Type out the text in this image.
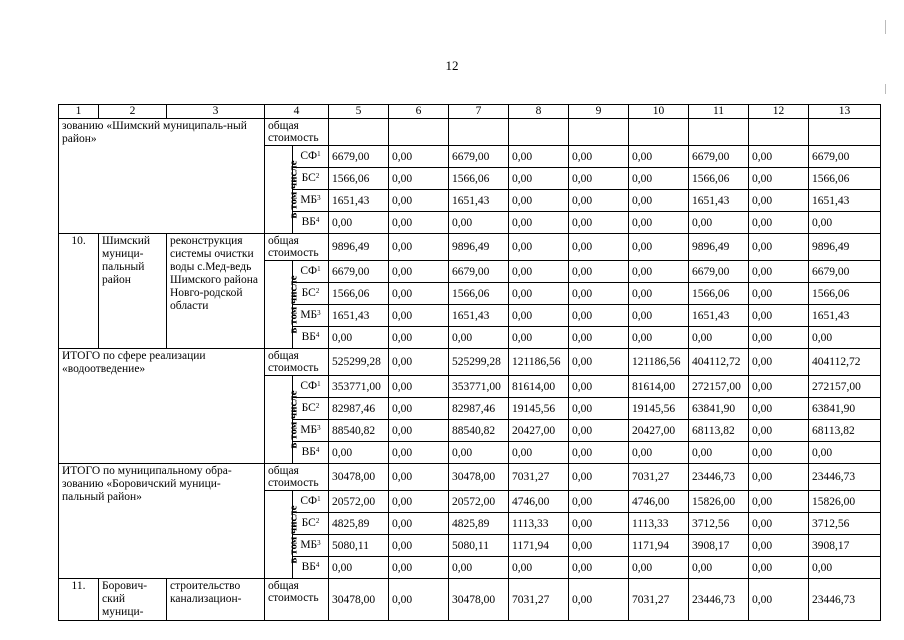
12
1	2	3	4		5	6	7	8	9	10	11	12	13
зованию «Шимский муниципаль-ный район»			общая стоимость										
			в том числе	$СФ^1$	6679,00	0,00	6679,00	0,00	0,00	0,00	6679,00	0,00	6679,00
				$БС^2$	1566,06	0,00	1566,06	0,00	0,00	0,00	1566,06	0,00	1566,06
				$МБ^3$	1651,43	0,00	1651,43	0,00	0,00	0,00	1651,43	0,00	1651,43
				$ВБ^4$	0,00	0,00	0,00	0,00	0,00	0,00	0,00	0,00	0,00
10.	Шимский муници-пальный район	реконструкция системы очистки воды с.Мед-ведь Шимского района Новго-родской области	общая стоимость		9896,49	0,00	9896,49	0,00	0,00	0,00	9896,49	0,00	9896,49
			в том числе	$СФ^1$	6679,00	0,00	6679,00	0,00	0,00	0,00	6679,00	0,00	6679,00
				$БС^2$	1566,06	0,00	1566,06	0,00	0,00	0,00	1566,06	0,00	1566,06
				$МБ^3$	1651,43	0,00	1651,43	0,00	0,00	0,00	1651,43	0,00	1651,43
				$ВБ^4$	0,00	0,00	0,00	0,00	0,00	0,00	0,00	0,00	0,00
ИТОГО по сфере реализации «водоотведение»			общая стоимость		525299,28	0,00	525299,28	121186,56	0,00	121186,56	404112,72	0,00	404112,72
			в том числе	$СФ^1$	353771,00	0,00	353771,00	81614,00	0,00	81614,00	272157,00	0,00	272157,00
				$БС^2$	82987,46	0,00	82987,46	19145,56	0,00	19145,56	63841,90	0,00	63841,90
				$МБ^3$	88540,82	0,00	88540,82	20427,00	0,00	20427,00	68113,82	0,00	68113,82
				$ВБ^4$	0,00	0,00	0,00	0,00	0,00	0,00	0,00	0,00	0,00
ИТОГО по муниципальному обра-зованию «Боровичский муници-пальный район»			общая стоимость		30478,00	0,00	30478,00	7031,27	0,00	7031,27	23446,73	0,00	23446,73
			в том числе	$СФ^1$	20572,00	0,00	20572,00	4746,00	0,00	4746,00	15826,00	0,00	15826,00
				$БС^2$	4825,89	0,00	4825,89	1113,33	0,00	1113,33	3712,56	0,00	3712,56
				$МБ^3$	5080,11	0,00	5080,11	1171,94	0,00	1171,94	3908,17	0,00	3908,17
				$ВБ^4$	0,00	0,00	0,00	0,00	0,00	0,00	0,00	0,00	0,00
11.	Борович-ский муници-	строительство канализацион-	общая стоимость		30478,00	0,00	30478,00	7031,27	0,00	7031,27	23446,73	0,00	23446,73
